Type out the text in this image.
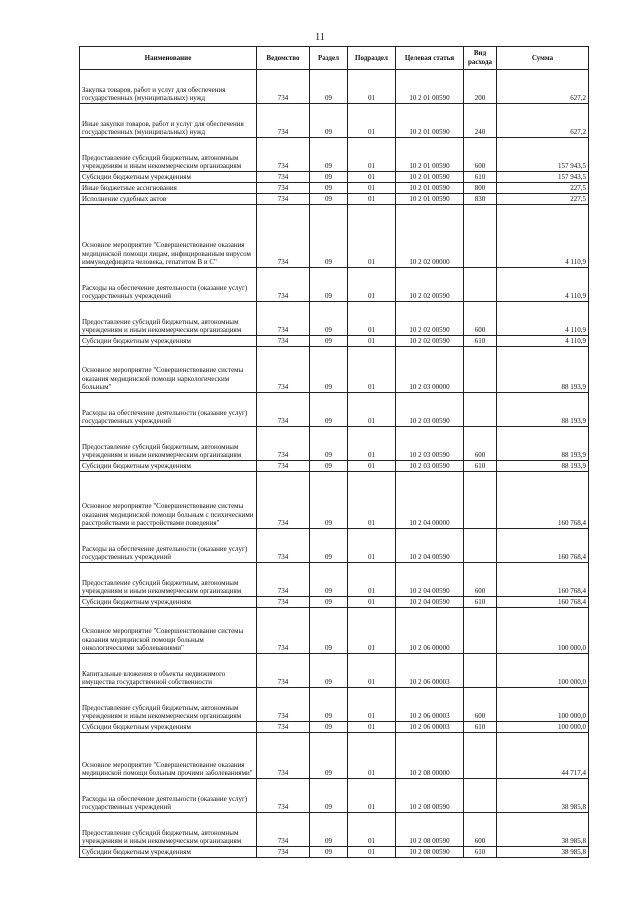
11
Наименование	Ведомство	Раздел	Подраздел	Целевая статья	Вид расхода	Сумма
Закупка товаров, работ и услуг для обеспечения государственных (муниципальных) нужд	734	09	01	10 2 01 00590	200	627,2
Иные закупки товаров, работ и услуг для обеспечения государственных (муниципальных) нужд	734	09	01	10 2 01 00590	240	627,2
Предоставление субсидий бюджетным, автономным учреждениям и иным некоммерческим организациям	734	09	01	10 2 01 00590	600	157 943,5
Субсидии бюджетным учреждениям	734	09	01	10 2 01 00590	610	157 943,5
Иные бюджетные ассигнования	734	09	01	10 2 01 00590	800	227,5
Исполнение судебных актов	734	09	01	10 2 01 00590	830	227,5
Основное мероприятие "Совершенствование оказания медицинской помощи лицам, инфицированным вирусом иммунодефицита человека, гепатитом B и C"	734	09	01	10 2 02 00000		4 110,9
Расходы на обеспечение деятельности (оказание услуг) государственных учреждений	734	09	01	10 2 02 00590		4 110,9
Предоставление субсидий бюджетным, автономным учреждениям и иным некоммерческим организациям	734	09	01	10 2 02 00590	600	4 110,9
Субсидии бюджетным учреждениям	734	09	01	10 2 02 00590	610	4 110,9
Основное мероприятие "Совершенствование системы оказания медицинской помощи наркологическим больным"	734	09	01	10 2 03 00000		88 193,9
Расходы на обеспечение деятельности (оказание услуг) государственных учреждений	734	09	01	10 2 03 00590		88 193,9
Предоставление субсидий бюджетным, автономным учреждениям и иным некоммерческим организациям	734	09	01	10 2 03 00590	600	88 193,9
Субсидии бюджетным учреждениям	734	09	01	10 2 03 00590	610	88 193,9
Основное мероприятие "Совершенствование системы оказания медицинской помощи больным с психическими расстройствами и расстройствами поведения"	734	09	01	10 2 04 00000		160 768,4
Расходы на обеспечение деятельности (оказание услуг) государственных учреждений	734	09	01	10 2 04 00590		160 768,4
Предоставление субсидий бюджетным, автономным учреждениям и иным некоммерческим организациям	734	09	01	10 2 04 00590	600	160 768,4
Субсидии бюджетным учреждениям	734	09	01	10 2 04 00590	610	160 768,4
Основное мероприятие "Совершенствование системы оказания медицинской помощи больным онкологическими заболеваниями"	734	09	01	10 2 06 00000		100 000,0
Капитальные вложения в объекты недвижимого имущества государственной собственности	734	09	01	10 2 06 00003		100 000,0
Предоставление субсидий бюджетным, автономным учреждениям и иным некоммерческим организациям	734	09	01	10 2 06 00003	600	100 000,0
Субсидии бюджетным учреждениям	734	09	01	10 2 06 00003	610	100 000,0
Основное мероприятие "Совершенствование оказания медицинской помощи больным прочими заболеваниями"	734	09	01	10 2 08 00000		44 717,4
Расходы на обеспечение деятельности (оказание услуг) государственных учреждений	734	09	01	10 2 08 00590		38 985,8
Предоставление субсидий бюджетным, автономным учреждениям и иным некоммерческим организациям	734	09	01	10 2 08 00590	600	38 985,8
Субсидии бюджетным учреждениям	734	09	01	10 2 08 00590	610	38 985,8
